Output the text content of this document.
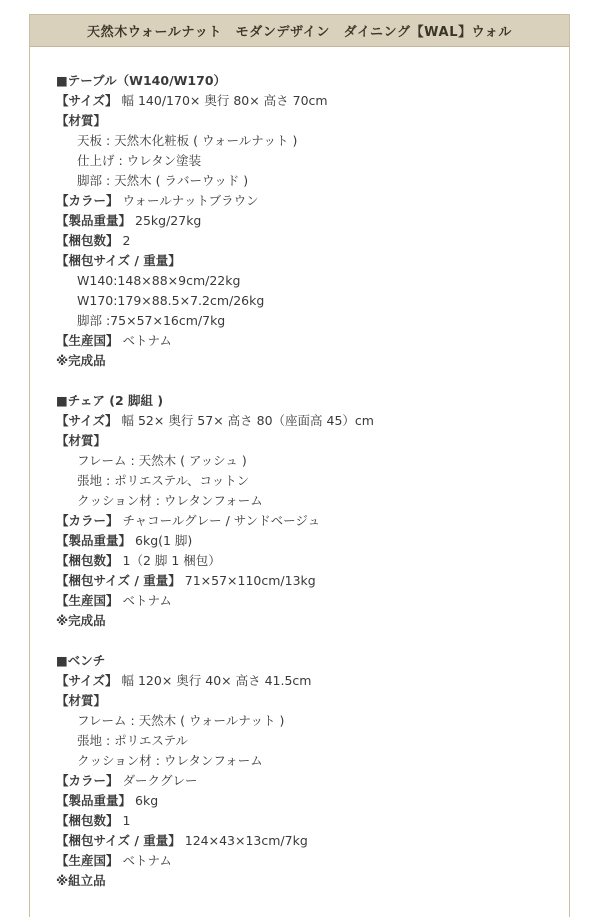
天然木ウォールナット　モダンデザイン　ダイニング【WAL】ウォル
■テーブル（W140/W170）
【サイズ】 幅 140/170× 奥行 80× 高さ 70cm
【材質】
天板 : 天然木化粧板 ( ウォールナット )
仕上げ : ウレタン塗装
脚部 : 天然木 ( ラバーウッド )
【カラー】 ウォールナットブラウン
【製品重量】 25kg/27kg
【梱包数】 2
【梱包サイズ / 重量】
W140:148×88×9cm/22kg
W170:179×88.5×7.2cm/26kg
脚部 :75×57×16cm/7kg
【生産国】 ベトナム
※完成品
■チェア (2 脚組 )
【サイズ】 幅 52× 奥行 57× 高さ 80（座面高 45）cm
【材質】
フレーム : 天然木 ( アッシュ )
張地 : ポリエステル、コットン
クッション材 : ウレタンフォーム
【カラー】 チャコールグレー / サンドベージュ
【製品重量】 6kg(1 脚)
【梱包数】 1（2 脚 1 梱包）
【梱包サイズ / 重量】 71×57×110cm/13kg
【生産国】 ベトナム
※完成品
■ベンチ
【サイズ】 幅 120× 奥行 40× 高さ 41.5cm
【材質】
フレーム : 天然木 ( ウォールナット )
張地 : ポリエステル
クッション材 : ウレタンフォーム
【カラー】 ダークグレー
【製品重量】 6kg
【梱包数】 1
【梱包サイズ / 重量】 124×43×13cm/7kg
【生産国】 ベトナム
※組立品
